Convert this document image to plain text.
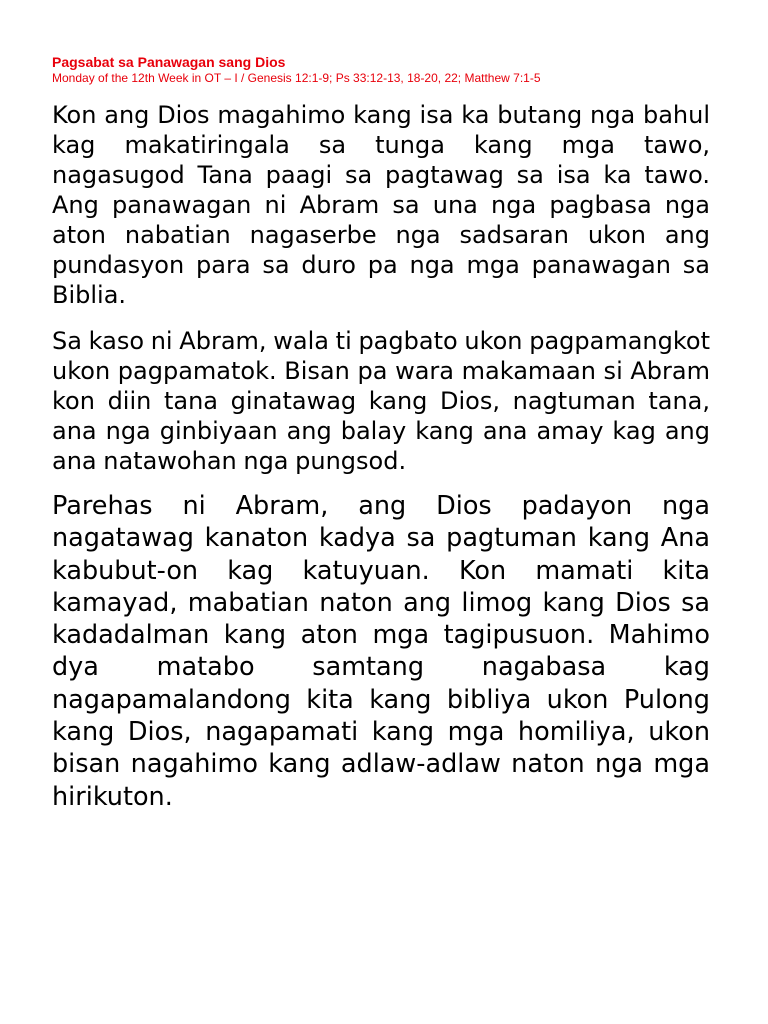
Pagsabat sa Panawagan sang Dios
Monday of the 12th Week in OT – I / Genesis 12:1-9; Ps 33:12-13, 18-20, 22; Matthew 7:1-5

Kon ang Dios magahimo kang isa ka butang nga bahul kag makatiringala sa tunga kang mga tawo, nagasugod Tana paagi sa pagtawag sa isa ka tawo. Ang panawagan ni Abram sa una nga pagbasa nga aton nabatian nagaserbe nga sadsaran ukon ang pundasyon para sa duro pa nga mga panawagan sa Biblia.

Sa kaso ni Abram, wala ti pagbato ukon pagpamangkot ukon pagpamatok. Bisan pa wara makamaan si Abram kon diin tana ginatawag kang Dios, nagtuman tana, ana nga ginbiyaan ang balay kang ana amay kag ang ana natawohan nga pungsod.

Parehas ni Abram, ang Dios padayon nga nagatawag kanaton kadya sa pagtuman kang Ana kabubut-on kag katuyuan. Kon mamati kita kamayad, mabatian naton ang limog kang Dios sa kadadalman kang aton mga tagipusuon. Mahimo dya matabo samtang nagabasa kag nagapamalandong kita kang bibliya ukon Pulong kang Dios, nagapamati kang mga homiliya, ukon bisan nagahimo kang adlaw-adlaw naton nga mga hirikuton.
